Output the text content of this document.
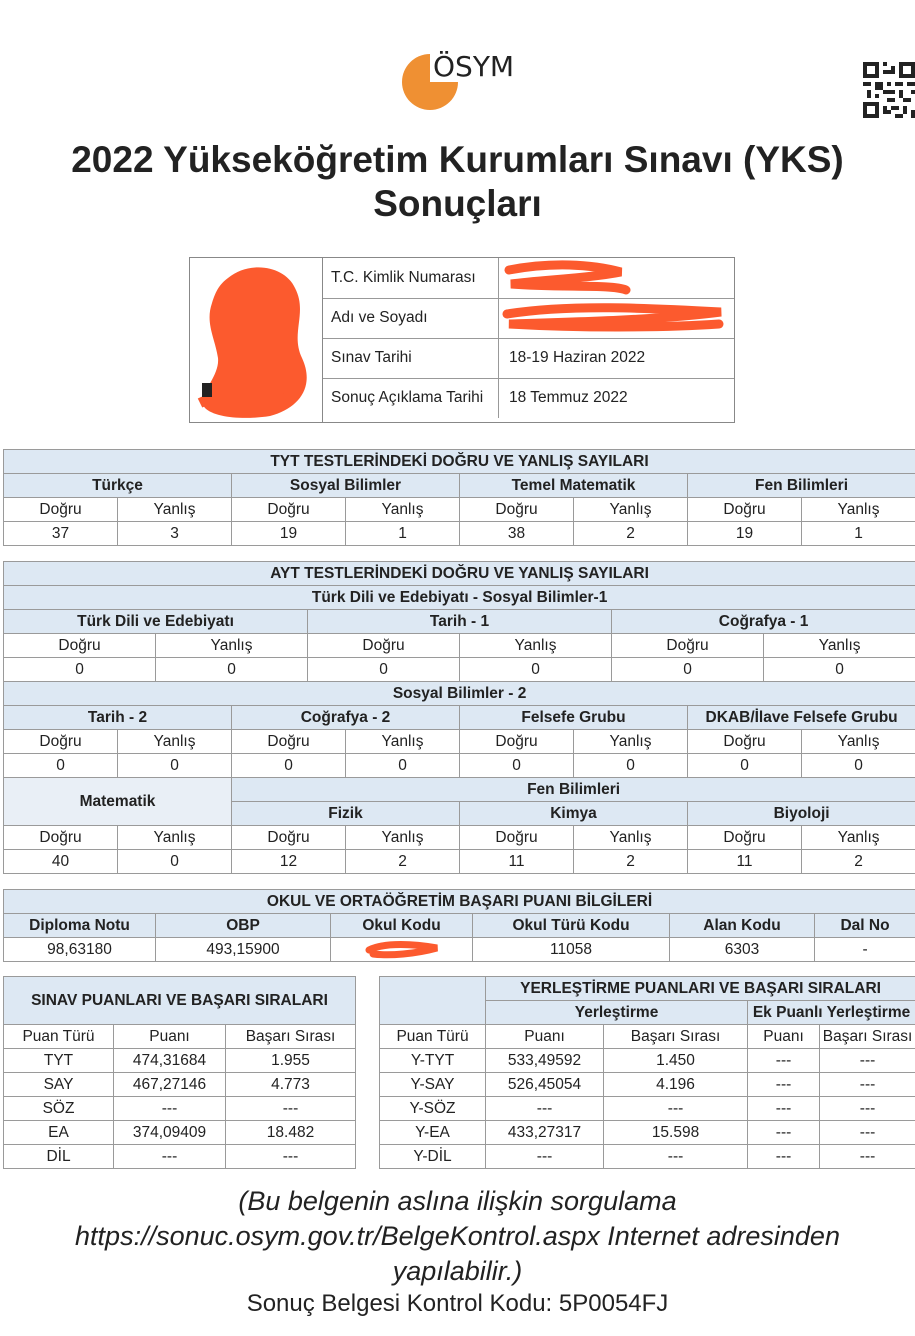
ÖSYM
2022 Yükseköğretim Kurumları Sınavı (YKS)
Sonuçları
T.C. Kimlik Numarası
Adı ve Soyadı
Sınav Tarihi	18-19 Haziran 2022
Sonuç Açıklama Tarihi	18 Temmuz 2022
TYT TESTLERİNDEKİ DOĞRU VE YANLIŞ SAYILARI							
Türkçe		Sosyal Bilimler		Temel Matematik		Fen Bilimleri	
Doğru	Yanlış	Doğru	Yanlış	Doğru	Yanlış	Doğru	Yanlış
37	3	19	1	38	2	19	1
AYT TESTLERİNDEKİ DOĞRU VE YANLIŞ SAYILARI											
Türk Dili ve Edebiyatı - Sosyal Bilimler-1											
Türk Dili ve Edebiyatı				Tarih - 1				Coğrafya - 1			
Doğru		Yanlış		Doğru		Yanlış		Doğru		Yanlış	
0		0		0		0		0		0	
Sosyal Bilimler - 2											
Tarih - 2			Coğrafya - 2			Felsefe Grubu			DKAB/İlave Felsefe Grubu		
Doğru	Yanlış		Doğru		Yanlış	Doğru	Yanlış		Doğru		Yanlış
0	0		0		0	0	0		0		0
Matematik			Fen Bilimleri								
			Fizik			Kimya			Biyoloji		
Doğru	Yanlış		Doğru		Yanlış	Doğru	Yanlış		Doğru		Yanlış
40	0		12		2	11	2		11		2
OKUL VE ORTAÖĞRETİM BAŞARI PUANI BİLGİLERİ					
Diploma Notu	OBP	Okul Kodu	Okul Türü Kodu	Alan Kodu	Dal No
98,63180	493,15900		11058	6303	-
SINAV PUANLARI VE BAŞARI SIRALARI					YERLEŞTİRME PUANLARI VE BAŞARI SIRALARI			
					Yerleştirme		Ek Puanlı Yerleştirme	
Puan Türü	Puanı	Başarı Sırası		Puan Türü	Puanı	Başarı Sırası	Puanı	Başarı Sırası
TYT	474,31684	1.955		Y-TYT	533,49592	1.450	---	---
SAY	467,27146	4.773		Y-SAY	526,45054	4.196	---	---
SÖZ	---	---		Y-SÖZ	---	---	---	---
EA	374,09409	18.482		Y-EA	433,27317	15.598	---	---
DİL	---	---		Y-DİL	---	---	---	---
(Bu belgenin aslına ilişkin sorgulama
https://sonuc.osym.gov.tr/BelgeKontrol.aspx Internet adresinden
yapılabilir.)
Sonuç Belgesi Kontrol Kodu: 5P0054FJ
